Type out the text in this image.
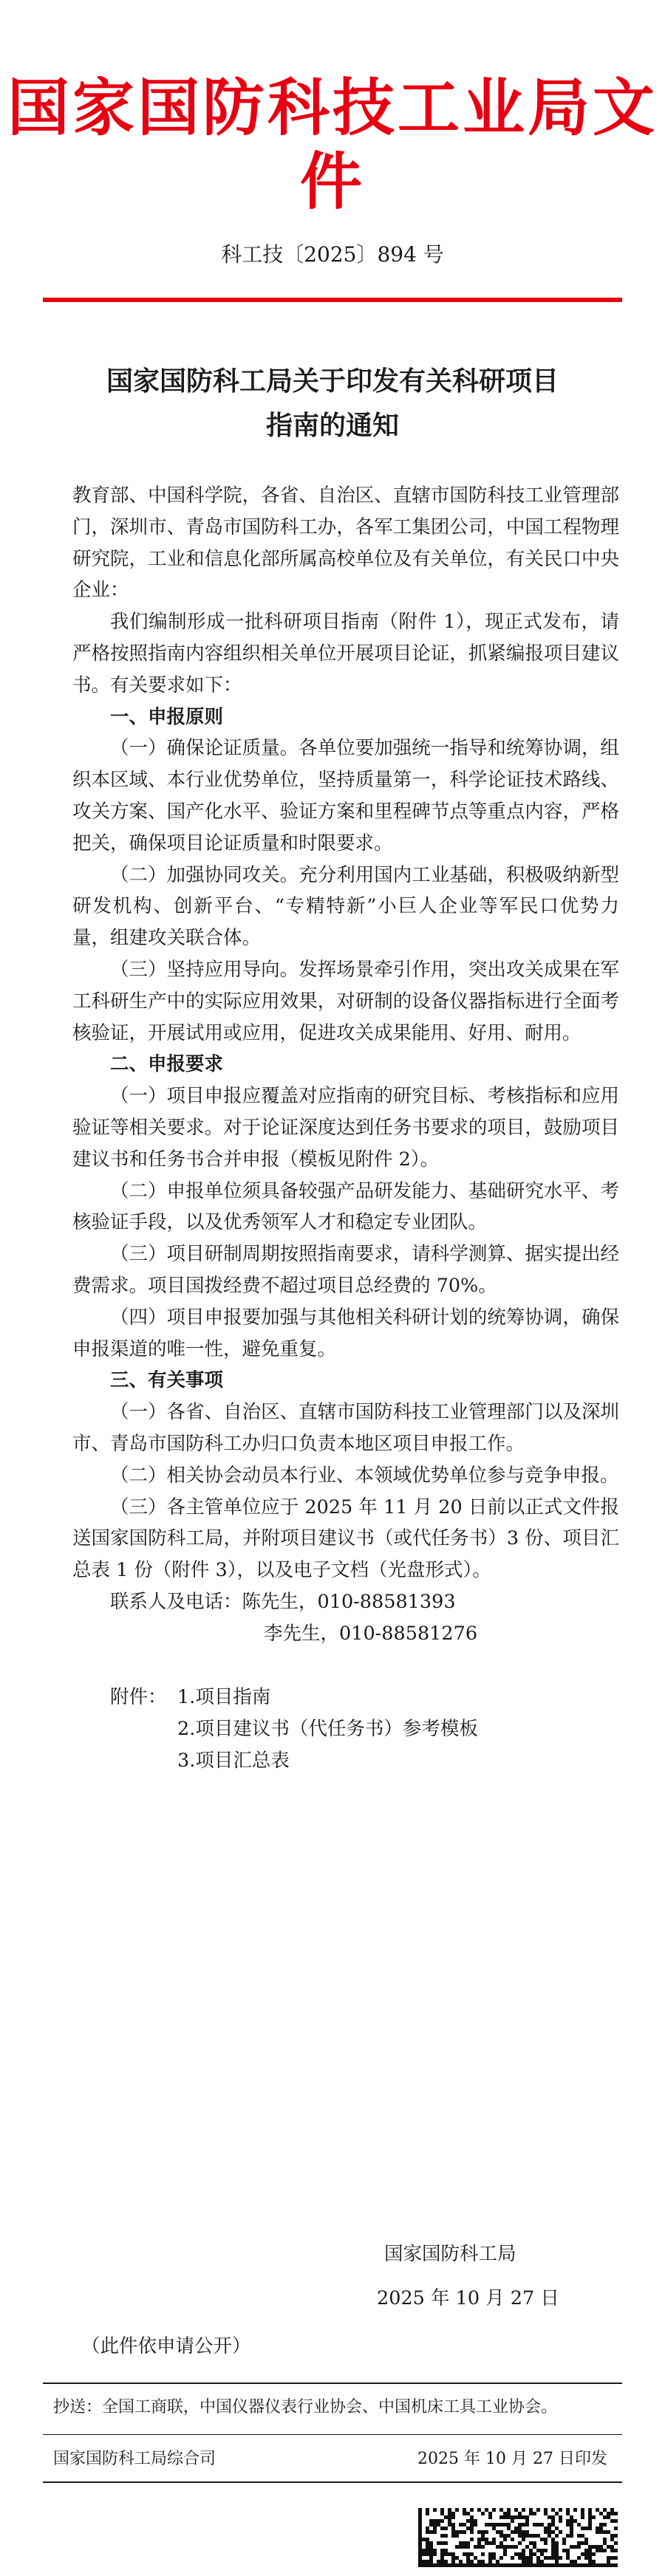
国家国防科技工业局文件
科工技〔2025〕894 号
国家国防科工局关于印发有关科研项目
指南的通知

教育部、中国科学院，各省、自治区、直辖市国防科技工业管理部门，深圳市、青岛市国防科工办，各军工集团公司，中国工程物理研究院，工业和信息化部所属高校单位及有关单位，有关民口中央企业：

我们编制形成一批科研项目指南（附件 1），现正式发布，请严格按照指南内容组织相关单位开展项目论证，抓紧编报项目建议书。有关要求如下：

一、申报原则

（一）确保论证质量。各单位要加强统一指导和统筹协调，组织本区域、本行业优势单位，坚持质量第一，科学论证技术路线、攻关方案、国产化水平、验证方案和里程碑节点等重点内容，严格把关，确保项目论证质量和时限要求。

（二）加强协同攻关。充分利用国内工业基础，积极吸纳新型研发机构、创新平台、“专精特新”小巨人企业等军民口优势力量，组建攻关联合体。

（三）坚持应用导向。发挥场景牵引作用，突出攻关成果在军工科研生产中的实际应用效果，对研制的设备仪器指标进行全面考核验证，开展试用或应用，促进攻关成果能用、好用、耐用。

二、申报要求

（一）项目申报应覆盖对应指南的研究目标、考核指标和应用验证等相关要求。对于论证深度达到任务书要求的项目，鼓励项目建议书和任务书合并申报（模板见附件 2）。

（二）申报单位须具备较强产品研发能力、基础研究水平、考核验证手段，以及优秀领军人才和稳定专业团队。

（三）项目研制周期按照指南要求，请科学测算、据实提出经费需求。项目国拨经费不超过项目总经费的 70%。

（四）项目申报要加强与其他相关科研计划的统筹协调，确保申报渠道的唯一性，避免重复。

三、有关事项

（一）各省、自治区、直辖市国防科技工业管理部门以及深圳市、青岛市国防科工办归口负责本地区项目申报工作。

（二）相关协会动员本行业、本领域优势单位参与竞争申报。

（三）各主管单位应于 2025 年 11 月 20 日前以正式文件报送国家国防科工局，并附项目建议书（或代任务书）3 份、项目汇总表 1 份（附件 3），以及电子文档（光盘形式）。

联系人及电话：陈先生，010-88581393

李先生，010-88581276

附件： 1.项目指南
2.项目建议书（代任务书）参考模板
3.项目汇总表
国家国防科工局
2025 年 10 月 27 日
（此件依申请公开）
抄送：全国工商联，中国仪器仪表行业协会、中国机床工具工业协会。
国家国防科工局综合司	2025 年 10 月 27 日印发
